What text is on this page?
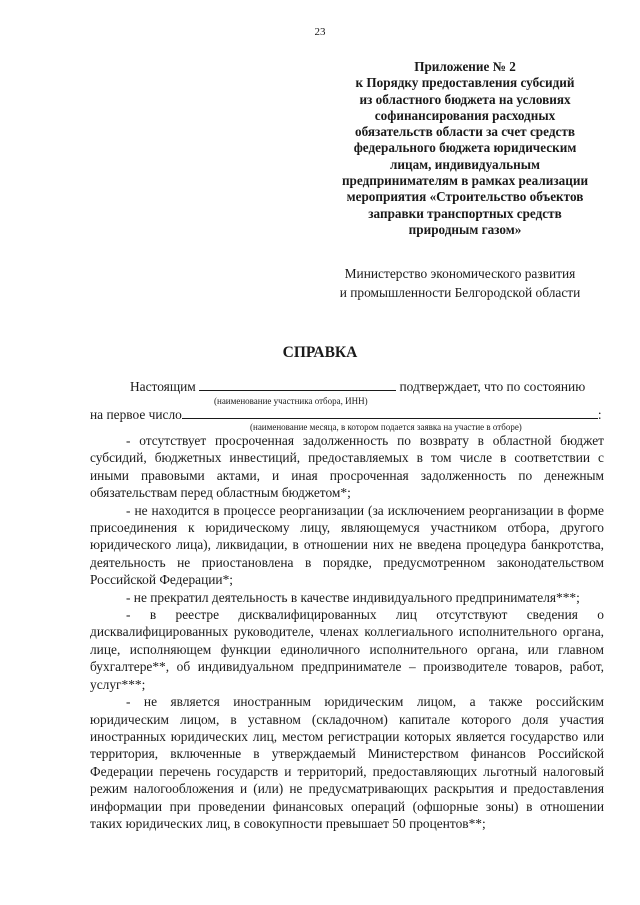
23
Приложение № 2
к Порядку предоставления субсидий
из областного бюджета на условиях
софинансирования расходных
обязательств области за счет средств
федерального бюджета юридическим
лицам, индивидуальным
предпринимателям в рамках реализации
мероприятия «Строительство объектов
заправки транспортных средств
природным газом»
Министерство экономического развития
и промышленности Белгородской области
СПРАВКА
Настоящим	подтверждает, что по состоянию
(наименование участника отбора, ИНН)
на первое число	:
(наименование месяца, в котором подается заявка на участие в отборе)

- отсутствует просроченная задолженность по возврату в областной бюджет субсидий, бюджетных инвестиций, предоставляемых в том числе в соответствии с иными правовыми актами, и иная просроченная задолженность по денежным обязательствам перед областным бюджетом*;

- не находится в процессе реорганизации (за исключением реорганизации в форме присоединения к юридическому лицу, являющемуся участником отбора, другого юридического лица), ликвидации, в отношении них не введена процедура банкротства, деятельность не приостановлена в порядке, предусмотренном законодательством Российской Федерации*;

- не прекратил деятельность в качестве индивидуального предпринимателя***;

- в реестре дисквалифицированных лиц отсутствуют сведения о дисквалифицированных руководителе, членах коллегиального исполнительного органа, лице, исполняющем функции единоличного исполнительного органа, или главном бухгалтере**, об индивидуальном предпринимателе – производителе товаров, работ, услуг***;

- не является иностранным юридическим лицом, а также российским юридическим лицом, в уставном (складочном) капитале которого доля участия иностранных юридических лиц, местом регистрации которых является государство или территория, включенные в утверждаемый Министерством финансов Российской Федерации перечень государств и территорий, предоставляющих льготный налоговый режим налогообложения и (или) не предусматривающих раскрытия и предоставления информации при проведении финансовых операций (офшорные зоны) в отношении таких юридических лиц, в совокупности превышает 50 процентов**;
